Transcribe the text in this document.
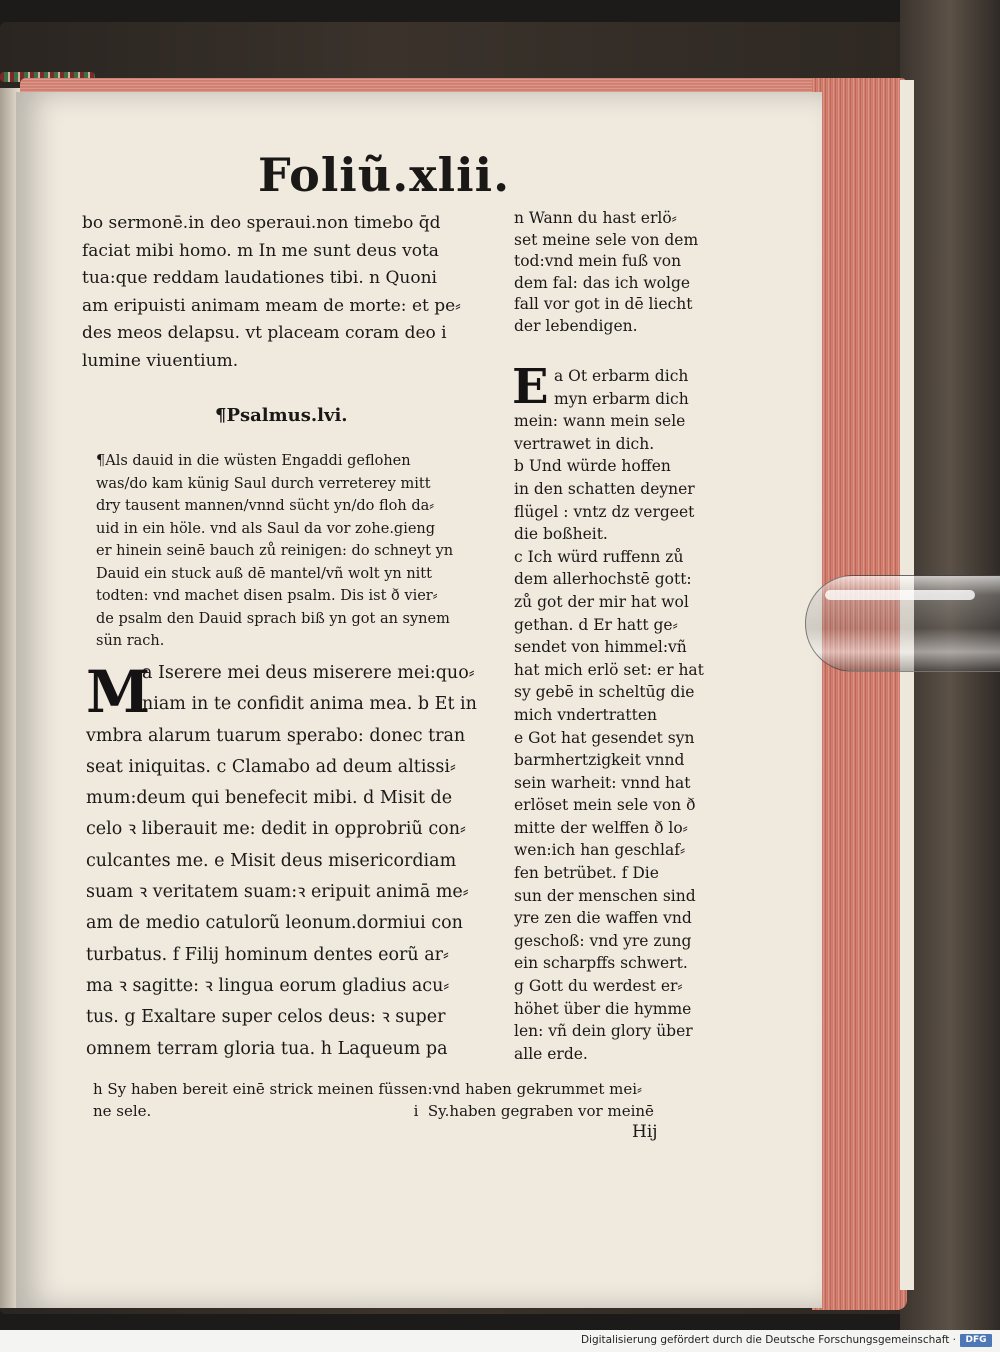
Foliũ.xlii.

bo sermonē.in deo speraui.non timebo q̄d

faciat mibi homo. m In me sunt deus vota

tua:que reddam laudationes tibi. n Quoni

am eripuisti animam meam de morte: et pe⸗

des meos delapsu. vt placeam coram deo i

lumine viuentium.

¶Psalmus.lvi.

¶Als dauid in die wüsten Engaddi geflohen

was/do kam künig Saul durch verreterey mitt

dry tausent mannen/vnnd sücht yn/do floh da⸗

uid in ein höle. vnd als Saul da vor zohe.gieng

er hinein seinē bauch zů reinigen: do schneyt yn

Dauid ein stuck auß dē mantel/vñ wolt yn nitt

todten: vnd machet disen psalm. Dis ist ð vier⸗

de psalm den Dauid sprach biß yn got an synem

sün rach.

M

a Iserere mei deus miserere mei:quo⸗

niam in te confidit anima mea. b Et in

vmbra alarum tuarum sperabo: donec tran

seat iniquitas. c Clamabo ad deum altissi⸗

mum:deum qui benefecit mibi. d Misit de

celo ꝛ liberauit me: dedit in opprobriũ con⸗

culcantes me. e Misit deus misericordiam

suam ꝛ veritatem suam:ꝛ eripuit animā me⸗

am de medio catulorũ leonum.dormiui con

turbatus. f Filij hominum dentes eorũ ar⸗

ma ꝛ sagitte: ꝛ lingua eorum gladius acu⸗

tus. g Exaltare super celos deus: ꝛ super

omnem terram gloria tua. h Laqueum pa

n Wann du hast erlö⸗

set meine sele von dem

tod:vnd mein fuß von

dem fal: das ich wolge

fall vor got in dē liecht

der lebendigen.

E a Ot erbarm dich

myn erbarm dich

mein: wann mein sele

vertrawet in dich.

b Und würde hoffen

in den schatten deyner

flügel : vntz dz vergeet

die boßheit.

c Ich würd ruffenn zů

dem allerhochstē gott:

zů got der mir hat wol

gethan. d Er hatt ge⸗

sendet von himmel:vñ

hat mich erlö set: er hat

sy gebē in scheltūg die

mich vndertratten

e Got hat gesendet syn

barmhertzigkeit vnnd

sein warheit: vnnd hat

erlöset mein sele von ð

mitte der welffen ð lo⸗

wen:ich han geschlaf⸗

fen betrübet. f Die

sun der menschen sind

yre zen die waffen vnd

geschoß: vnd yre zung

ein scharpffs schwert.

g Gott du werdest er⸗

höhet über die hymme

len: vñ dein glory über

alle erde.

h Sy haben bereit einē strick meinen füssen:vnd haben gekrummet mei⸗

ne sele.                                                       i  Sy.haben gegraben vor meinē

Hij

Digitalisierung gefördert durch die Deutsche Forschungsgemeinschaft ·	DFG
